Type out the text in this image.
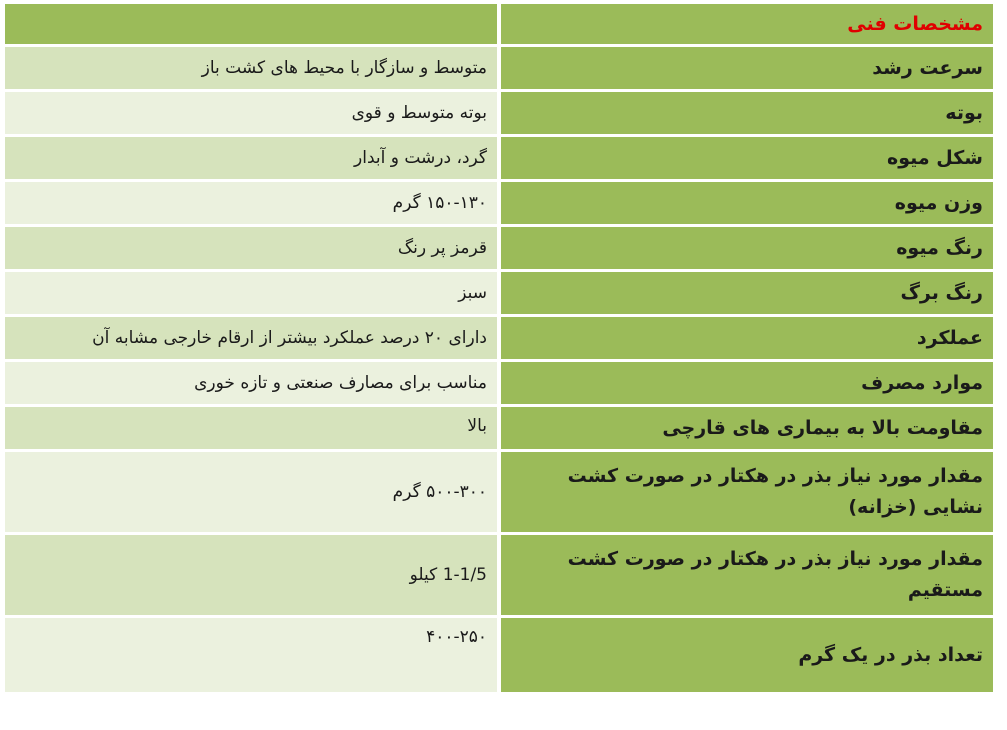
مشخصات فنی	
سرعت رشد	متوسط و سازگار با محیط های کشت باز
بوته	بوته متوسط و قوی
شکل میوه	گرد، درشت و آبدار
وزن میوه	۱۵۰-۱۳۰ گرم
رنگ میوه	قرمز پر رنگ
رنگ برگ	سبز
عملکرد	دارای ۲۰ درصد عملکرد بیشتر از ارقام خارجی مشابه آن
موارد مصرف	مناسب برای مصارف صنعتی و تازه خوری
مقاومت بالا به بیماری های قارچی	بالا
مقدار مورد نیاز بذر در هکتار در صورت کشت نشایی (خزانه)	۵۰۰-۳۰۰ گرم
مقدار مورد نیاز بذر در هکتار در صورت کشت مستقیم	1-1/5 کیلو
تعداد بذر در یک گرم	۴۰۰-۲۵۰
